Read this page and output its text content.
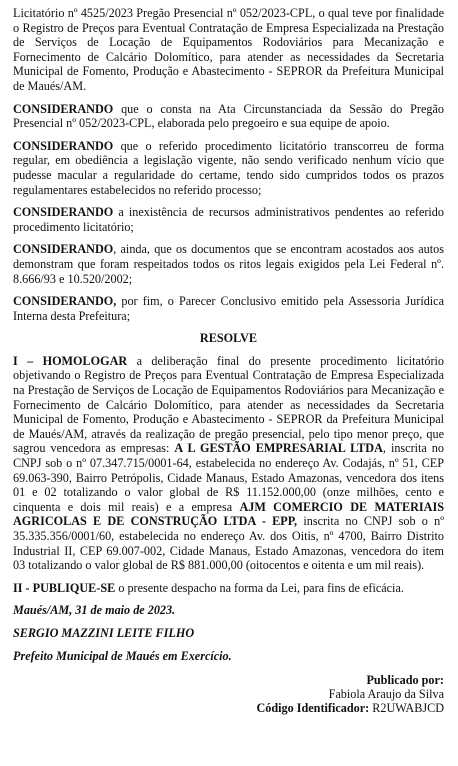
Licitatório nº 4525/2023 Pregão Presencial nº 052/2023-CPL, o qual teve por finalidade o Registro de Preços para Eventual Contratação de Empresa Especializada na Prestação de Serviços de Locação de Equipamentos Rodoviários para Mecanização e Fornecimento de Calcário Dolomítico, para atender as necessidades da Secretaria Municipal de Fomento, Produção e Abastecimento - SEPROR da Prefeitura Municipal de Maués/AM.

CONSIDERANDO que o consta na Ata Circunstanciada da Sessão do Pregão Presencial nº 052/2023-CPL, elaborada pelo pregoeiro e sua equipe de apoio.

CONSIDERANDO que o referido procedimento licitatório transcorreu de forma regular, em obediência a legislação vigente, não sendo verificado nenhum vício que pudesse macular a regularidade do certame, tendo sido cumpridos todos os prazos regulamentares estabelecidos no referido processo;

CONSIDERANDO a inexistência de recursos administrativos pendentes ao referido procedimento licitatório;

CONSIDERANDO, ainda, que os documentos que se encontram acostados aos autos demonstram que foram respeitados todos os ritos legais exigidos pela Lei Federal nº. 8.666/93 e 10.520/2002;

CONSIDERANDO, por fim, o Parecer Conclusivo emitido pela Assessoria Jurídica Interna desta Prefeitura;

RESOLVE

I – HOMOLOGAR a deliberação final do presente procedimento licitatório objetivando o Registro de Preços para Eventual Contratação de Empresa Especializada na Prestação de Serviços de Locação de Equipamentos Rodoviários para Mecanização e Fornecimento de Calcário Dolomítico, para atender as necessidades da Secretaria Municipal de Fomento, Produção e Abastecimento - SEPROR da Prefeitura Municipal de Maués/AM, através da realização de pregão presencial, pelo tipo menor preço, que sagrou vencedora as empresas: A L GESTÃO EMPRESARIAL LTDA, inscrita no CNPJ sob o nº 07.347.715/0001-64, estabelecida no endereço Av. Codajás, nº 51, CEP 69.063-390, Bairro Petrópolis, Cidade Manaus, Estado Amazonas, vencedora dos itens 01 e 02 totalizando o valor global de R$ 11.152.000,00 (onze milhões, cento e cinquenta e dois mil reais) e a empresa AJM COMERCIO DE MATERIAIS AGRICOLAS E DE CONSTRUÇÃO LTDA - EPP, inscrita no CNPJ sob o nº 35.335.356/0001/60, estabelecida no endereço Av. dos Oitis, nº 4700, Bairro Distrito Industrial II, CEP 69.007-002, Cidade Manaus, Estado Amazonas, vencedora do item 03 totalizando o valor global de R$ 881.000,00 (oitocentos e oitenta e um mil reais).

II - PUBLIQUE-SE o presente despacho na forma da Lei, para fins de eficácia.

Maués/AM, 31 de maio de 2023.

SERGIO MAZZINI LEITE FILHO

Prefeito Municipal de Maués em Exercício.

Publicado por:
Fabiola Araujo da Silva
Código Identificador: R2UWABJCD
